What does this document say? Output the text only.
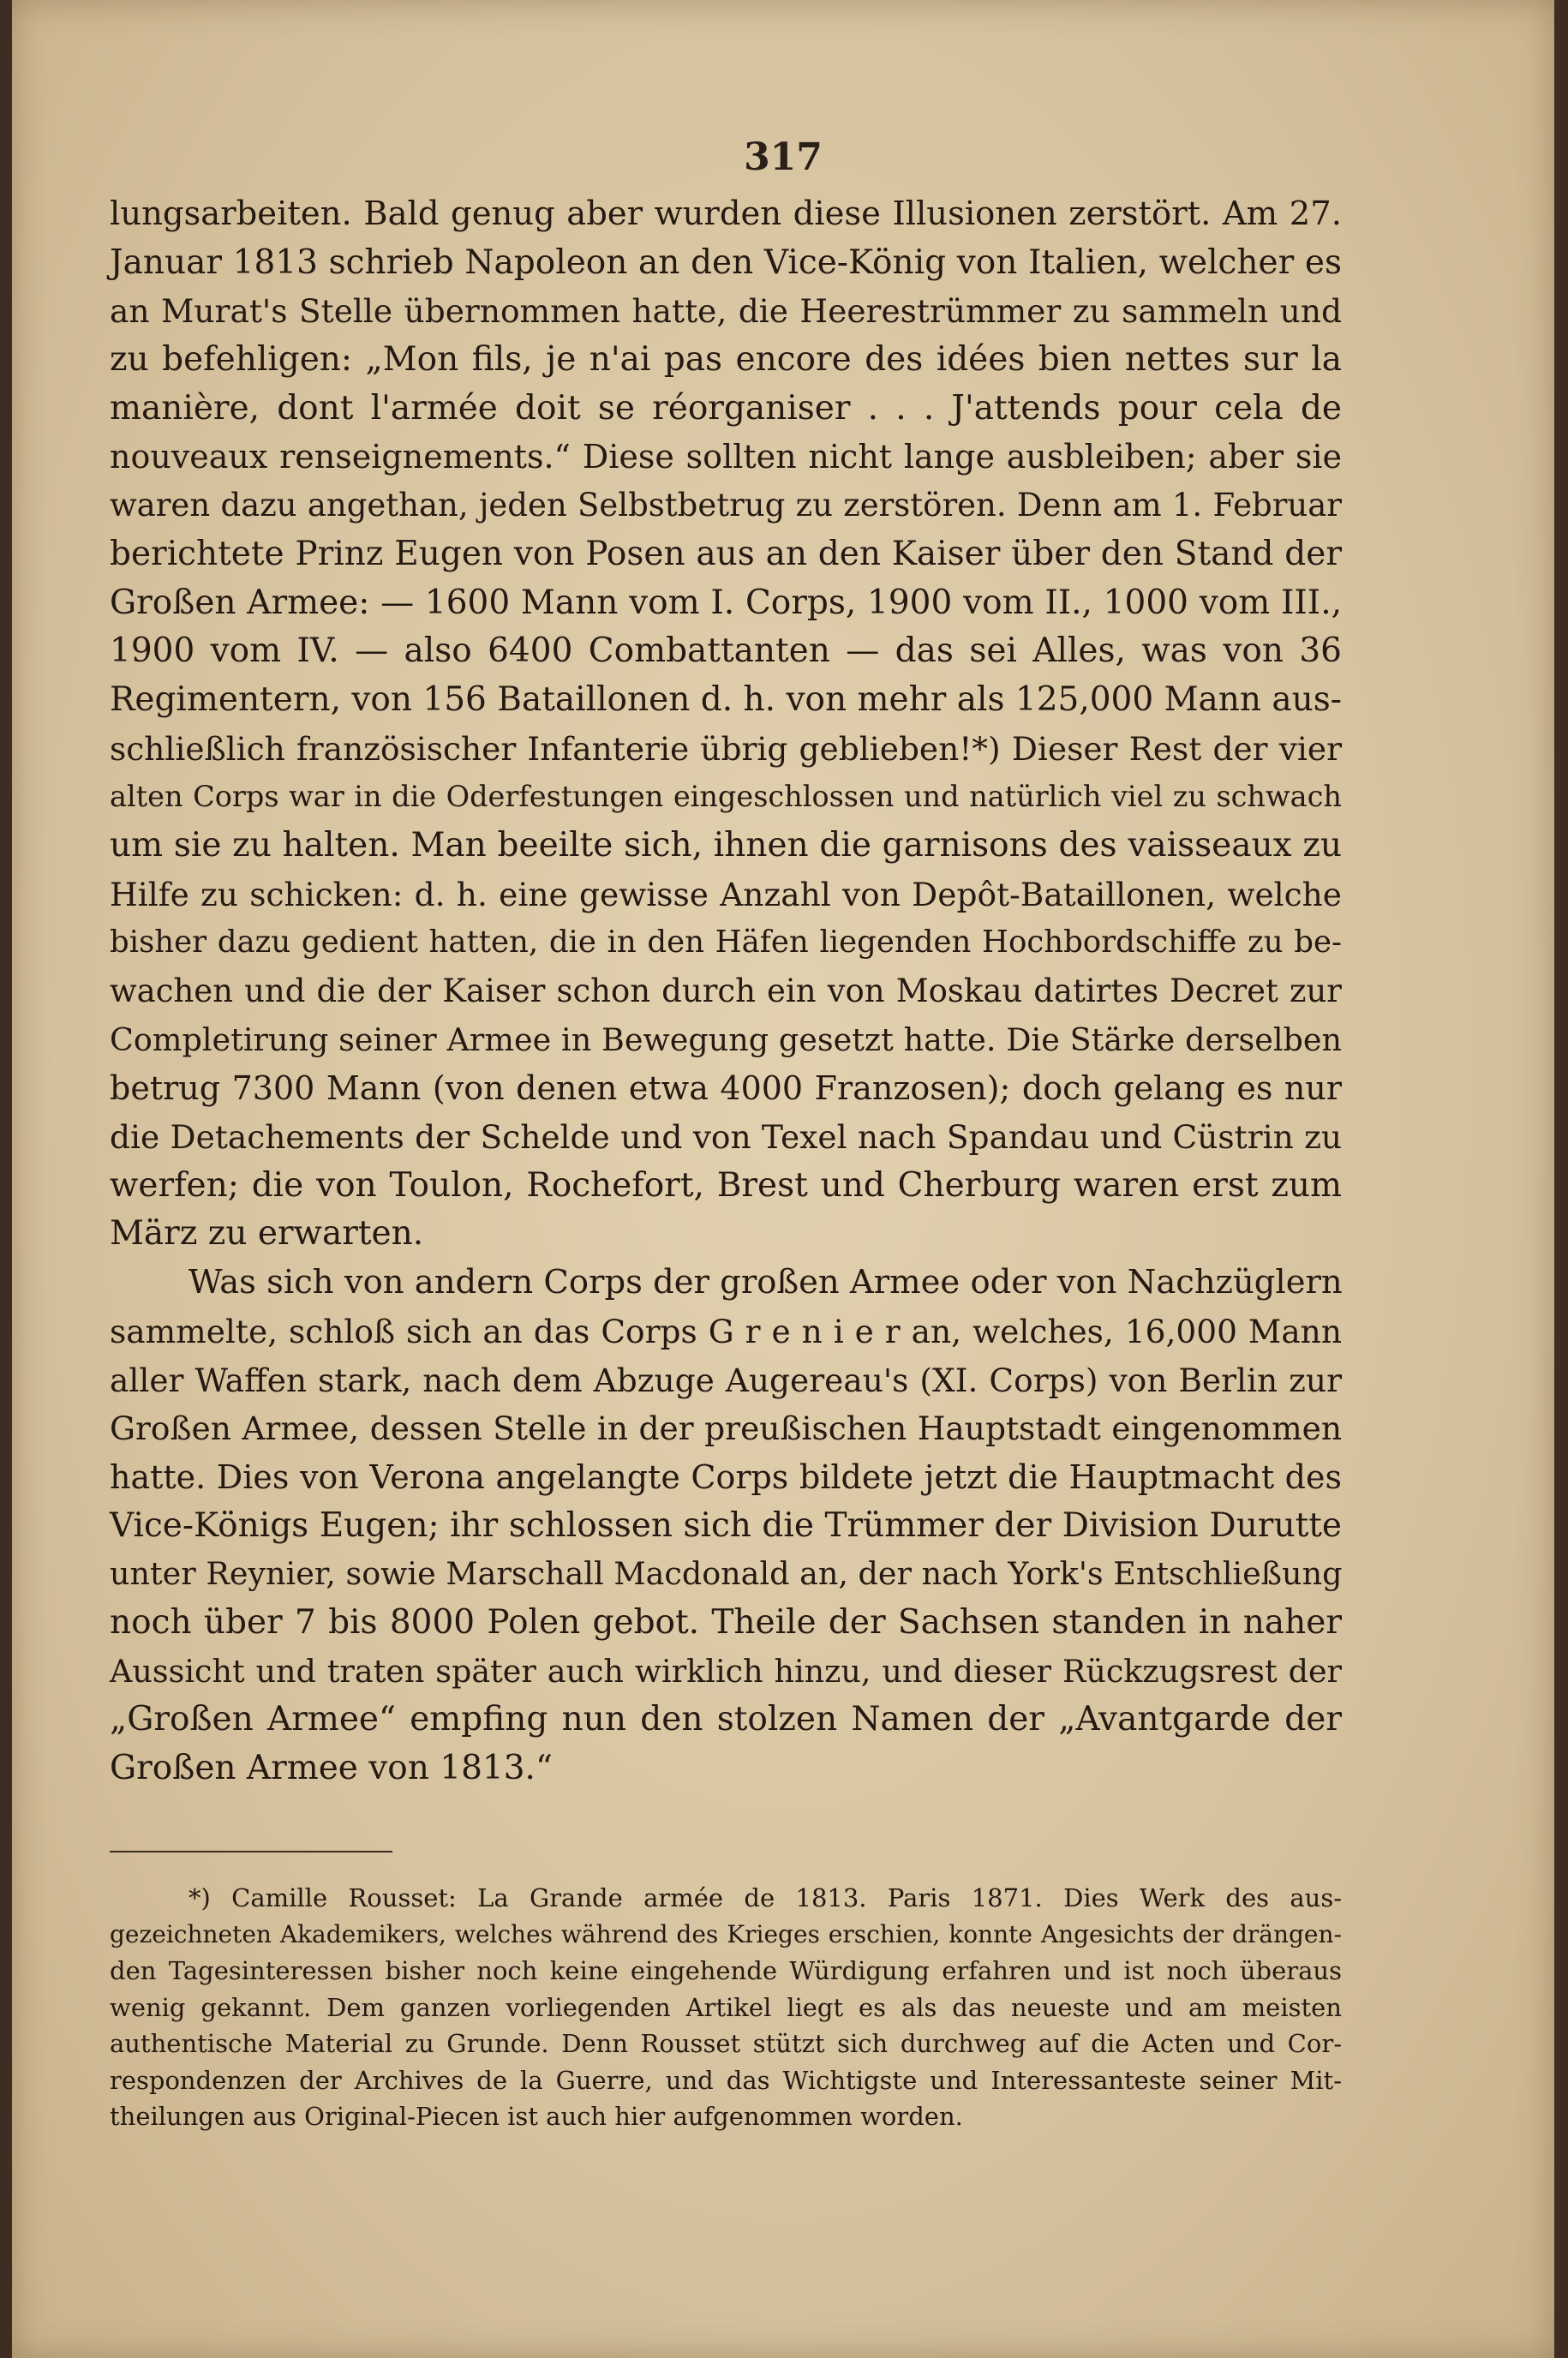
317
lungsarbeiten. Bald genug aber wurden diese Illusionen zerstört. Am 27.
Januar 1813 schrieb Napoleon an den Vice-König von Italien, welcher es
an Murat's Stelle übernommen hatte, die Heerestrümmer zu sammeln und
zu befehligen: „Mon fils, je n'ai pas encore des idées bien nettes sur la
manière, dont l'armée doit se réorganiser . . . J'attends pour cela de
nouveaux renseignements.“ Diese sollten nicht lange ausbleiben; aber sie
waren dazu angethan, jeden Selbstbetrug zu zerstören. Denn am 1. Februar
berichtete Prinz Eugen von Posen aus an den Kaiser über den Stand der
Großen Armee: — 1600 Mann vom I. Corps, 1900 vom II., 1000 vom III.,
1900 vom IV. — also 6400 Combattanten — das sei Alles, was von 36
Regimentern, von 156 Bataillonen d. h. von mehr als 125,000 Mann aus-
schließlich französischer Infanterie übrig geblieben!*) Dieser Rest der vier
alten Corps war in die Oderfestungen eingeschlossen und natürlich viel zu schwach
um sie zu halten. Man beeilte sich, ihnen die garnisons des vaisseaux zu
Hilfe zu schicken: d. h. eine gewisse Anzahl von Depôt-Bataillonen, welche
bisher dazu gedient hatten, die in den Häfen liegenden Hochbordschiffe zu be-
wachen und die der Kaiser schon durch ein von Moskau datirtes Decret zur
Completirung seiner Armee in Bewegung gesetzt hatte. Die Stärke derselben
betrug 7300 Mann (von denen etwa 4000 Franzosen); doch gelang es nur
die Detachements der Schelde und von Texel nach Spandau und Cüstrin zu
werfen; die von Toulon, Rochefort, Brest und Cherburg waren erst zum
März zu erwarten.
Was sich von andern Corps der großen Armee oder von Nachzüglern
sammelte, schloß sich an das Corps G r e n i e r an, welches, 16,000 Mann
aller Waffen stark, nach dem Abzuge Augereau's (XI. Corps) von Berlin zur
Großen Armee, dessen Stelle in der preußischen Hauptstadt eingenommen
hatte. Dies von Verona angelangte Corps bildete jetzt die Hauptmacht des
Vice-Königs Eugen; ihr schlossen sich die Trümmer der Division Durutte
unter Reynier, sowie Marschall Macdonald an, der nach York's Entschließung
noch über 7 bis 8000 Polen gebot. Theile der Sachsen standen in naher
Aussicht und traten später auch wirklich hinzu, und dieser Rückzugsrest der
„Großen Armee“ empfing nun den stolzen Namen der „Avantgarde der
Großen Armee von 1813.“
*) Camille Rousset: La Grande armée de 1813. Paris 1871. Dies Werk des aus-
gezeichneten Akademikers, welches während des Krieges erschien, konnte Angesichts der drängen-
den Tagesinteressen bisher noch keine eingehende Würdigung erfahren und ist noch überaus
wenig gekannt. Dem ganzen vorliegenden Artikel liegt es als das neueste und am meisten
authentische Material zu Grunde. Denn Rousset stützt sich durchweg auf die Acten und Cor-
respondenzen der Archives de la Guerre, und das Wichtigste und Interessanteste seiner Mit-
theilungen aus Original-Piecen ist auch hier aufgenommen worden.
